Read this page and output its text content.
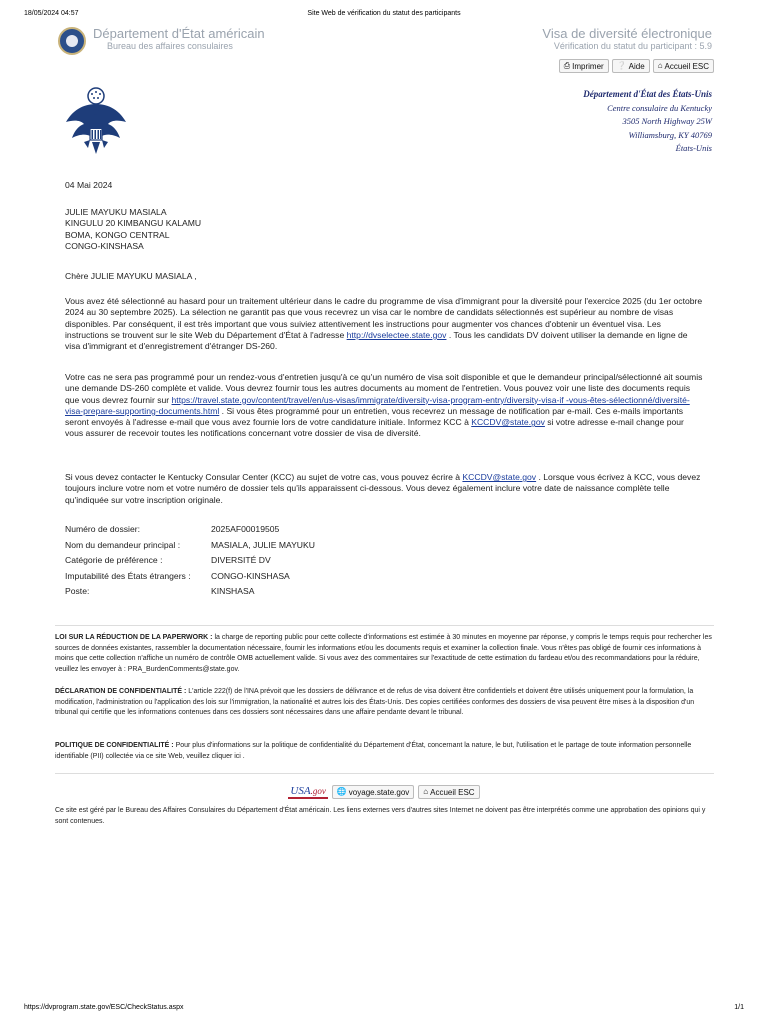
18/05/2024 04:57	Site Web de vérification du statut des participants
Département d'État américain
Bureau des affaires consulaires
Visa de diversité électronique
Vérification du statut du participant : 5.9
⎙ Imprimer ❔ Aide ⌂ Accueil ESC
Département d'État des États-Unis
Centre consulaire du Kentucky
3505 North Highway 25W
Williamsburg, KY 40769
États-Unis
04 Mai 2024
JULIE MAYUKU MASIALA
KINGULU 20 KIMBANGU KALAMU
BOMA, KONGO CENTRAL
CONGO-KINSHASA
Chère JULIE MAYUKU MASIALA ,
Vous avez été sélectionné au hasard pour un traitement ultérieur dans le cadre du programme de visa d'immigrant pour la diversité pour l'exercice 2025 (du 1er octobre 2024 au 30 septembre 2025). La sélection ne garantit pas que vous recevrez un visa car le nombre de candidats sélectionnés est supérieur au nombre de visas disponibles. Par conséquent, il est très important que vous suiviez attentivement les instructions pour augmenter vos chances d'obtenir un éventuel visa. Les instructions se trouvent sur le site Web du Département d'État à l'adresse http://dvselectee.state.gov . Tous les candidats DV doivent utiliser la demande en ligne de visa d'immigrant et d'enregistrement d'étranger DS-260.
Votre cas ne sera pas programmé pour un rendez-vous d'entretien jusqu'à ce qu'un numéro de visa soit disponible et que le demandeur principal/sélectionné ait soumis une demande DS-260 complète et valide. Vous devrez fournir tous les autres documents au moment de l'entretien. Vous pouvez voir une liste des documents requis que vous devrez fournir sur https://travel.state.gov/content/travel/en/us-visas/immigrate/diversity-visa-program-entry/diversity-visa-if -vous-êtes-sélectionné/diversité-visa-prepare-supporting-documents.html . Si vous êtes programmé pour un entretien, vous recevrez un message de notification par e-mail. Ces e-mails importants seront envoyés à l'adresse e-mail que vous avez fournie lors de votre candidature initiale. Informez KCC à KCCDV@state.gov si votre adresse e-mail change pour vous assurer de recevoir toutes les notifications concernant votre dossier de visa de diversité.
Si vous devez contacter le Kentucky Consular Center (KCC) au sujet de votre cas, vous pouvez écrire à KCCDV@state.gov . Lorsque vous écrivez à KCC, vous devez toujours inclure votre nom et votre numéro de dossier tels qu'ils apparaissent ci-dessous. Vous devez également inclure votre date de naissance complète telle qu'indiquée sur votre inscription originale.
Numéro de dossier:	2025AF00019505
Nom du demandeur principal :	MASIALA, JULIE MAYUKU
Catégorie de préférence :	DIVERSITÉ DV
Imputabilité des États étrangers :	CONGO-KINSHASA
Poste:	KINSHASA
LOI SUR LA RÉDUCTION DE LA PAPERWORK : la charge de reporting public pour cette collecte d'informations est estimée à 30 minutes en moyenne par réponse, y compris le temps requis pour rechercher les sources de données existantes, rassembler la documentation nécessaire, fournir les informations et/ou les documents requis et examiner la collection finale. Vous n'êtes pas obligé de fournir ces informations à moins que cette collection n'affiche un numéro de contrôle OMB actuellement valide. Si vous avez des commentaires sur l'exactitude de cette estimation du fardeau et/ou des recommandations pour la réduire, veuillez les envoyer à : PRA_BurdenComments@state.gov.
DÉCLARATION DE CONFIDENTIALITÉ : L'article 222(f) de l'INA prévoit que les dossiers de délivrance et de refus de visa doivent être confidentiels et doivent être utilisés uniquement pour la formulation, la modification, l'administration ou l'application des lois sur l'immigration, la nationalité et autres lois des États-Unis. Des copies certifiées conformes des dossiers de visa peuvent être mises à la disposition d'un tribunal qui certifie que les informations contenues dans ces dossiers sont nécessaires dans une affaire pendante devant le tribunal.
POLITIQUE DE CONFIDENTIALITÉ : Pour plus d'informations sur la politique de confidentialité du Département d'État, concernant la nature, le but, l'utilisation et le partage de toute information personnelle identifiable (PII) collectée via ce site Web, veuillez cliquer ici .
USA.gov 🌐 voyage.state.gov ⌂ Accueil ESC
Ce site est géré par le Bureau des Affaires Consulaires du Département d'État américain. Les liens externes vers d'autres sites Internet ne doivent pas être interprétés comme une approbation des opinions qui y sont contenues.
https://dvprogram.state.gov/ESC/CheckStatus.aspx	1/1
